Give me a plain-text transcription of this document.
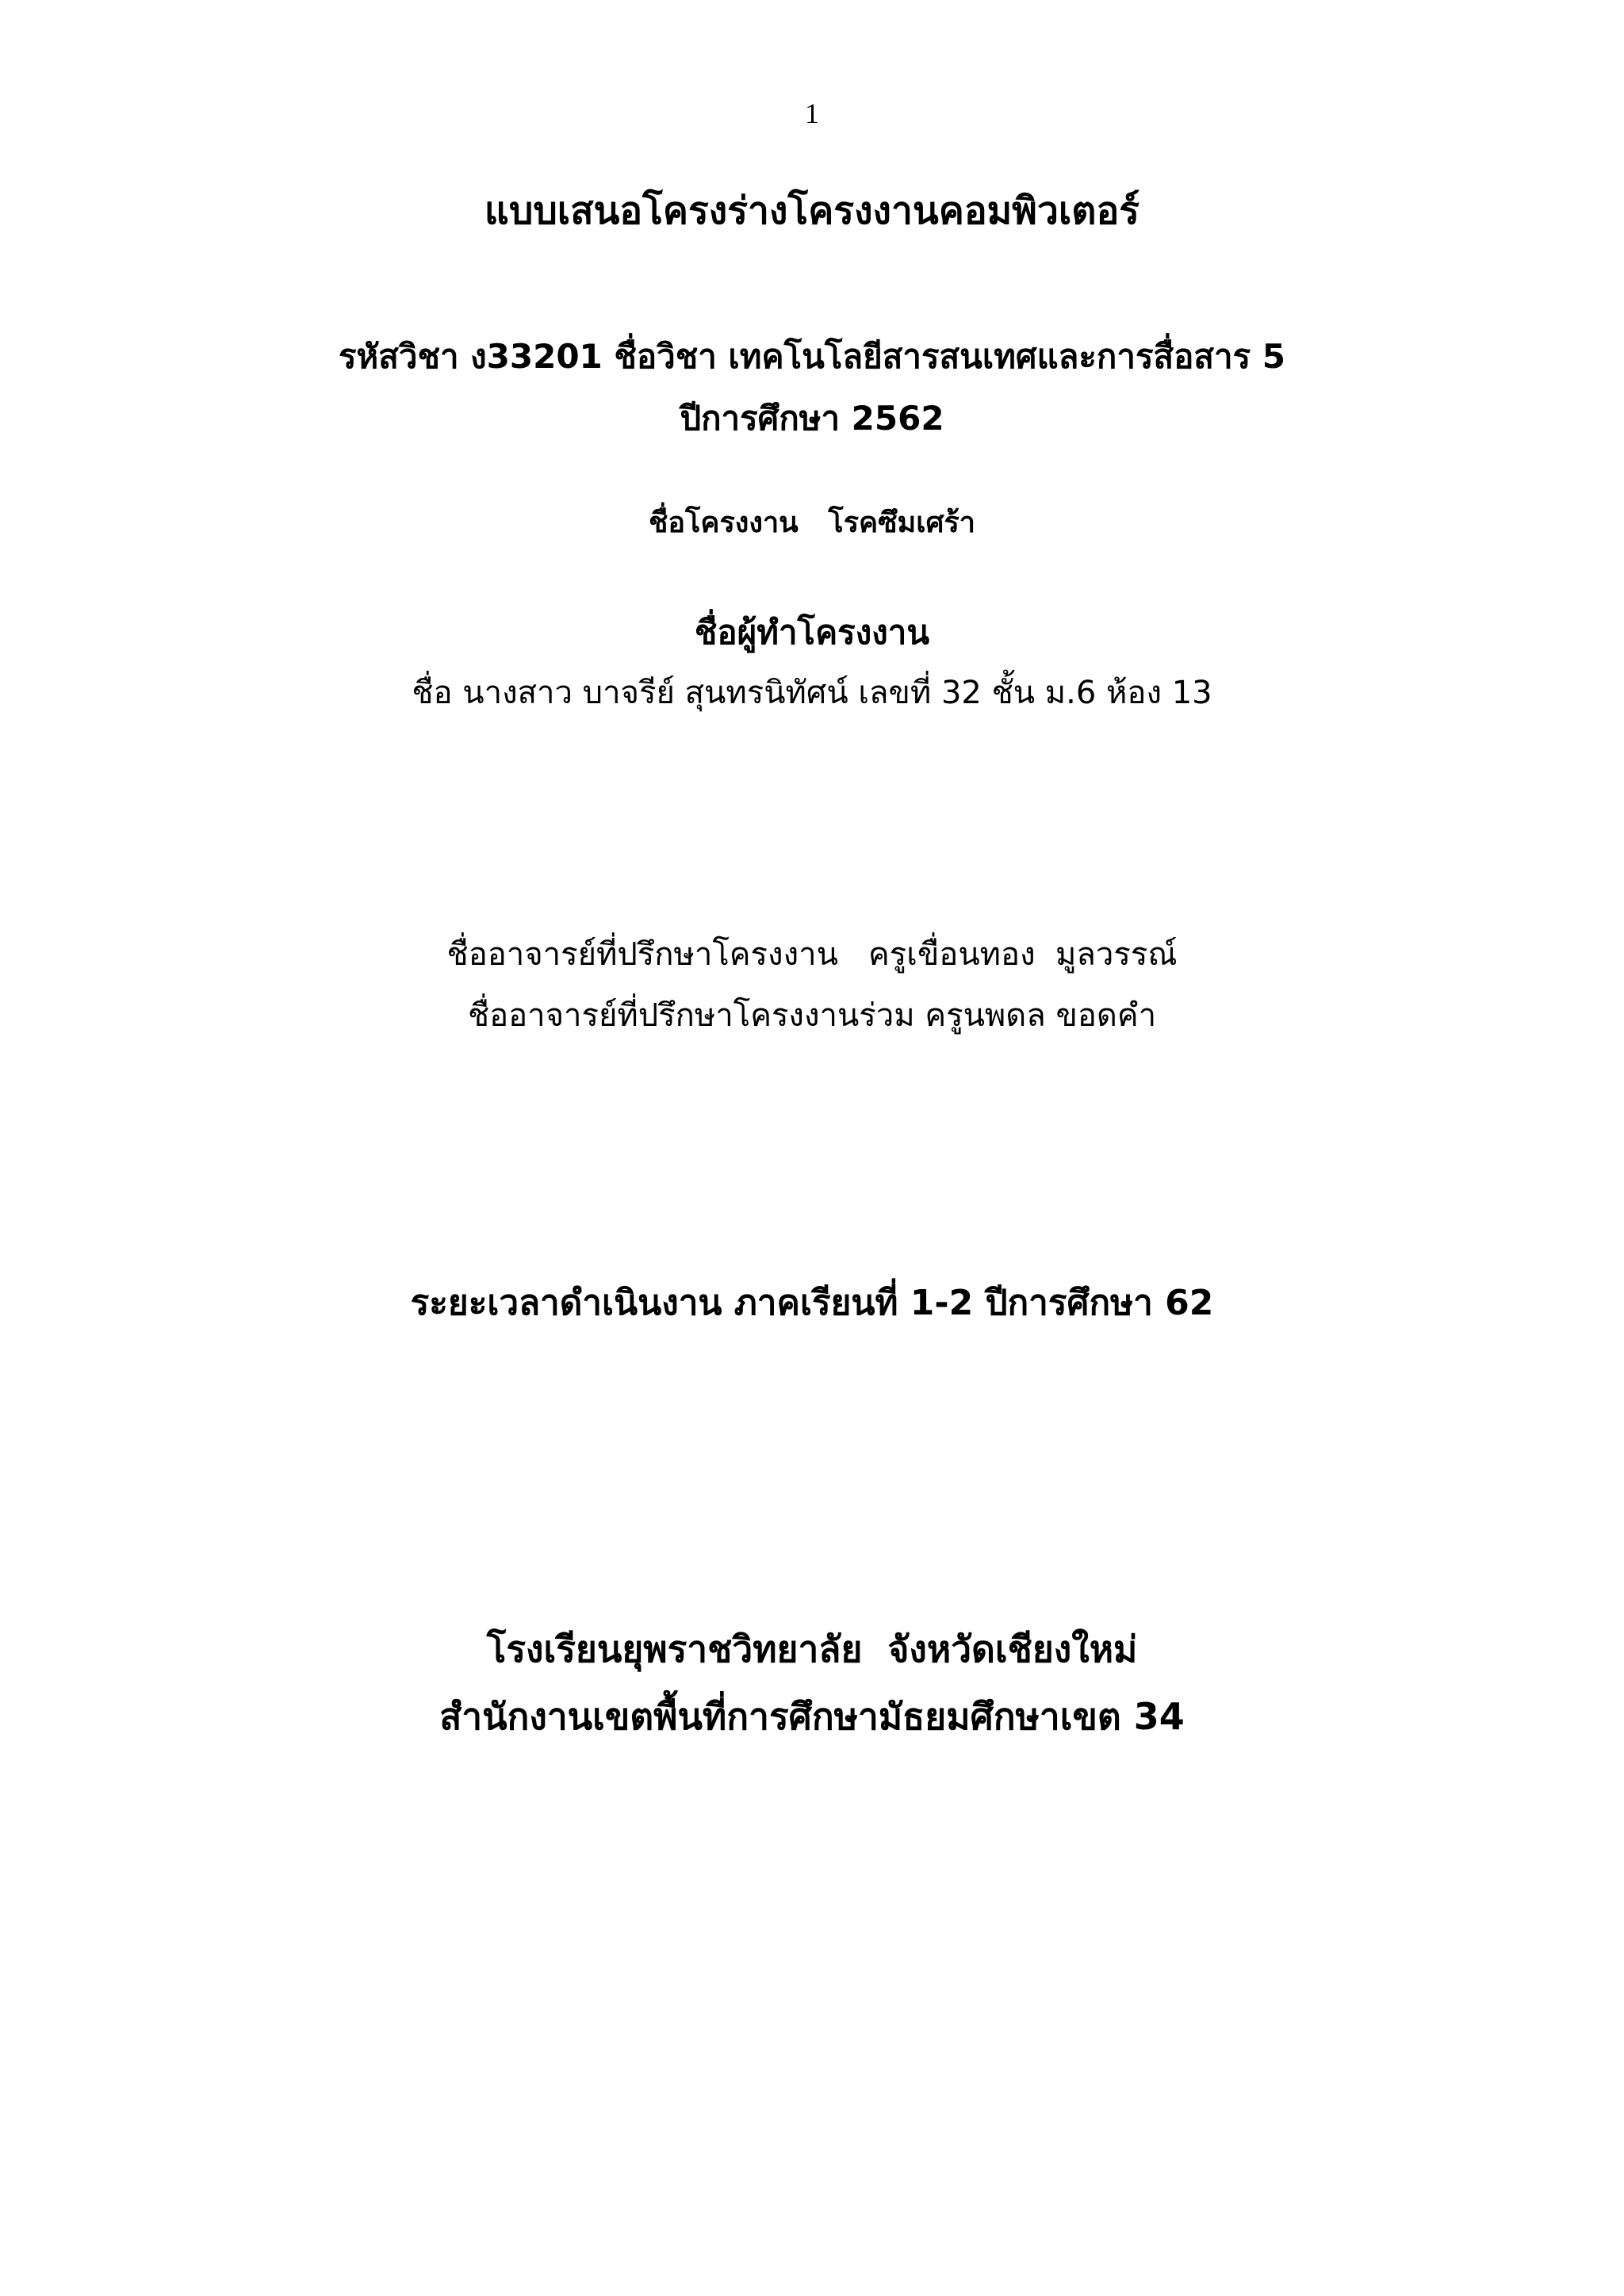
1
แบบเสนอโครงร่างโครงงานคอมพิวเตอร์
รหัสวิชา ง33201 ชื่อวิชา เทคโนโลยีสารสนเทศและการสื่อสาร 5
ปีการศึกษา 2562
ชื่อโครงงาน   โรคซึมเศร้า
ชื่อผู้ทำโครงงาน
ชื่อ นางสาว บาจรีย์ สุนทรนิทัศน์ เลขที่ 32 ชั้น ม.6 ห้อง 13
ชื่ออาจารย์ที่ปรึกษาโครงงาน   ครูเขื่อนทอง  มูลวรรณ์
ชื่ออาจารย์ที่ปรึกษาโครงงานร่วม ครูนพดล ขอดคำ
ระยะเวลาดำเนินงาน ภาคเรียนที่ 1-2 ปีการศึกษา 62
โรงเรียนยุพราชวิทยาลัย  จังหวัดเชียงใหม่
สำนักงานเขตพื้นที่การศึกษามัธยมศึกษาเขต 34
